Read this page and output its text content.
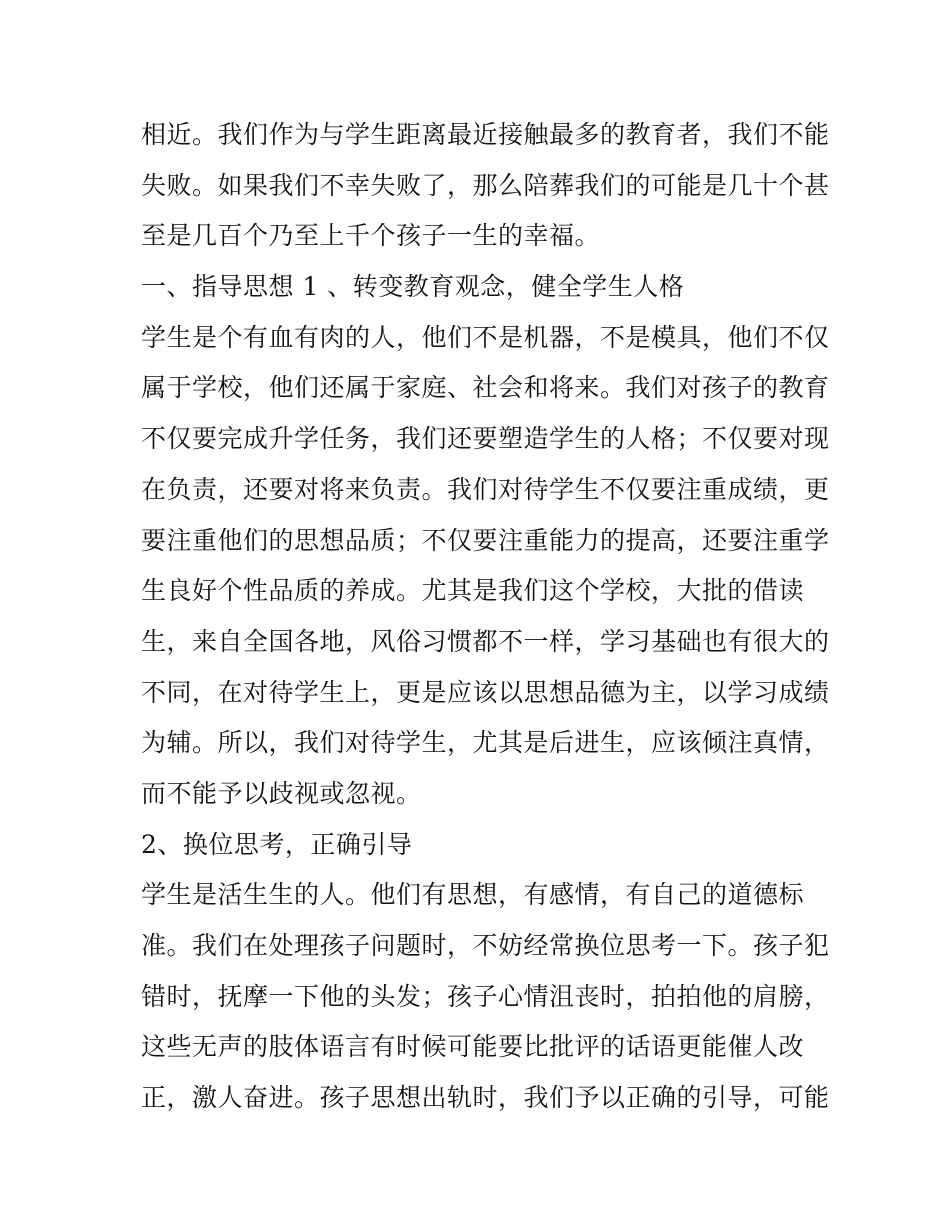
相近。我们作为与学生距离最近接触最多的教育者，我们不能
失败。如果我们不幸失败了，那么陪葬我们的可能是几十个甚
至是几百个乃至上千个孩子一生的幸福。
一、指导思想 1 、转变教育观念，健全学生人格
学生是个有血有肉的人，他们不是机器，不是模具，他们不仅
属于学校，他们还属于家庭、社会和将来。我们对孩子的教育
不仅要完成升学任务，我们还要塑造学生的人格；不仅要对现
在负责，还要对将来负责。我们对待学生不仅要注重成绩，更
要注重他们的思想品质；不仅要注重能力的提高，还要注重学
生良好个性品质的养成。尤其是我们这个学校，大批的借读
生，来自全国各地，风俗习惯都不一样，学习基础也有很大的
不同，在对待学生上，更是应该以思想品德为主，以学习成绩
为辅。所以，我们对待学生，尤其是后进生，应该倾注真情，
而不能予以歧视或忽视。
2、换位思考，正确引导
学生是活生生的人。他们有思想，有感情，有自己的道德标
准。我们在处理孩子问题时，不妨经常换位思考一下。孩子犯
错时，抚摩一下他的头发；孩子心情沮丧时，拍拍他的肩膀，
这些无声的肢体语言有时候可能要比批评的话语更能催人改
正，激人奋进。孩子思想出轨时，我们予以正确的引导，可能
